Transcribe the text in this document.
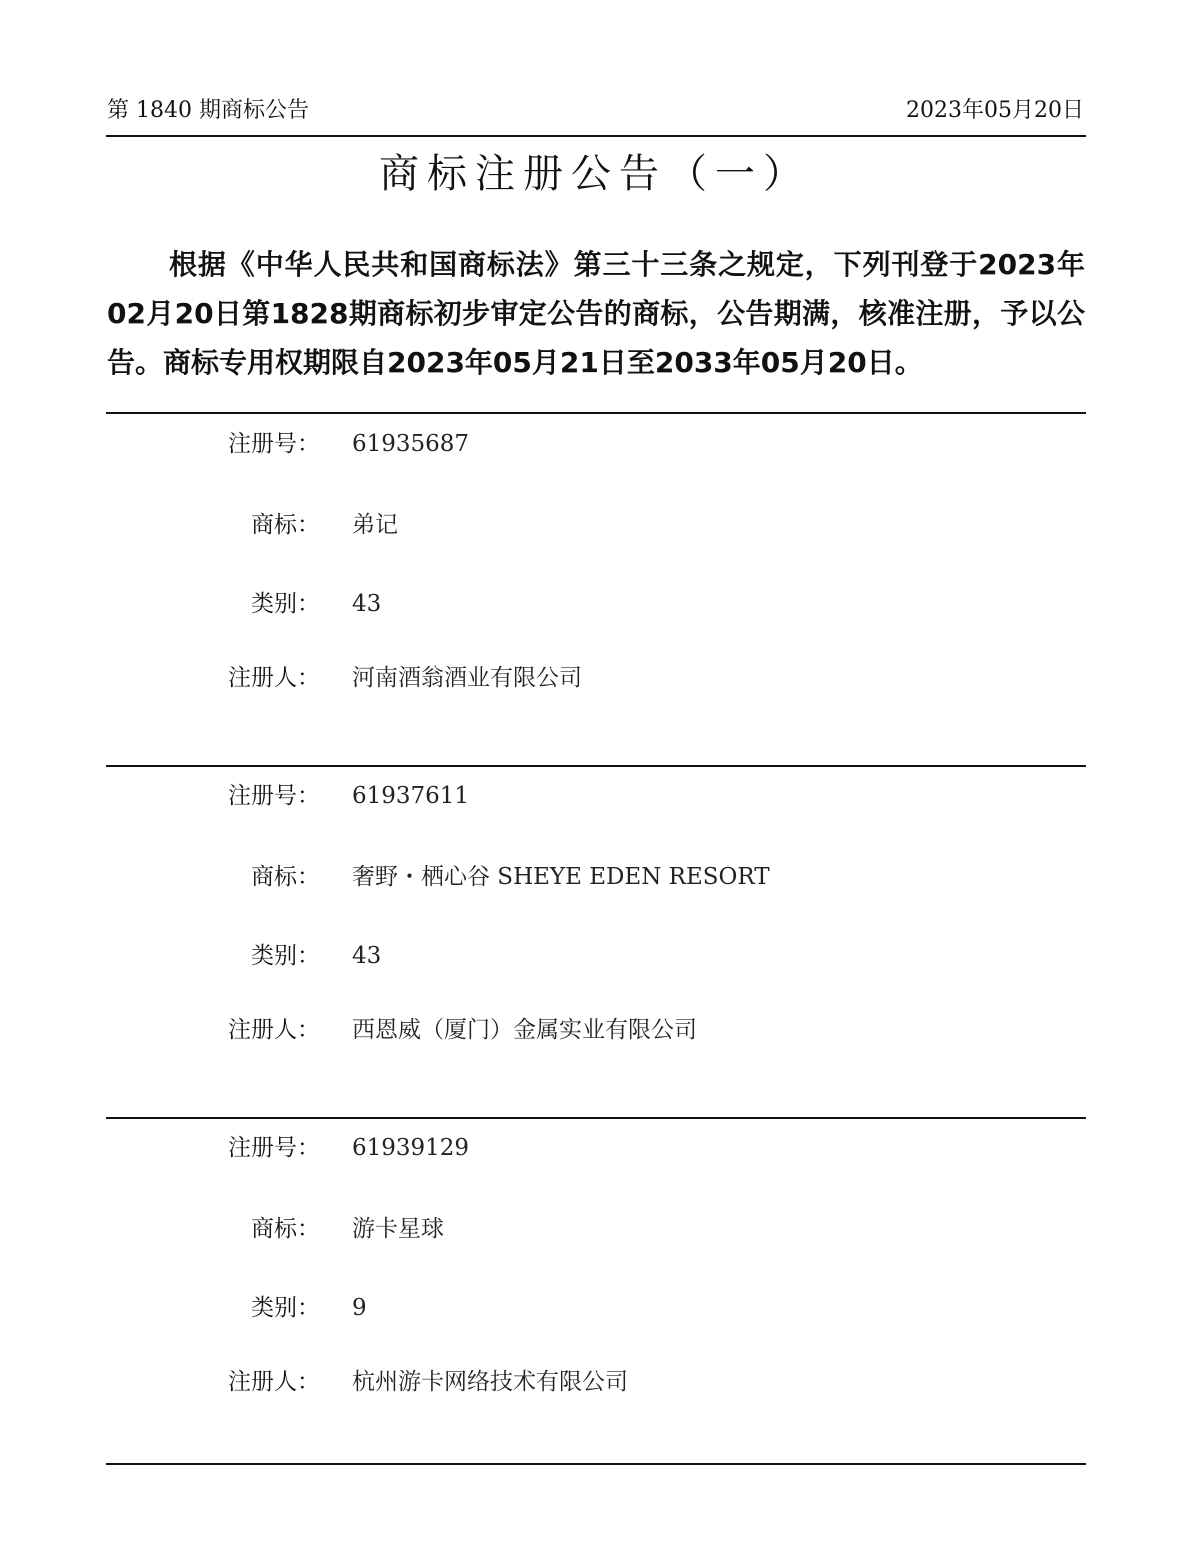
第 1840 期商标公告	2023年05月20日
商标注册公告（一）

根据《中华人民共和国商标法》第三十三条之规定，下列刊登于2023年02月20日第1828期商标初步审定公告的商标，公告期满，核准注册，予以公告。商标专用权期限自2023年05月21日至2033年05月20日。

注册号： 61935687
商标： 弟记
类别： 43
注册人： 河南酒翁酒业有限公司
注册号： 61937611
商标： 奢野・栖心谷 SHEYE EDEN RESORT
类别： 43
注册人： 西恩威（厦门）金属实业有限公司
注册号： 61939129
商标： 游卡星球
类别： 9
注册人： 杭州游卡网络技术有限公司
